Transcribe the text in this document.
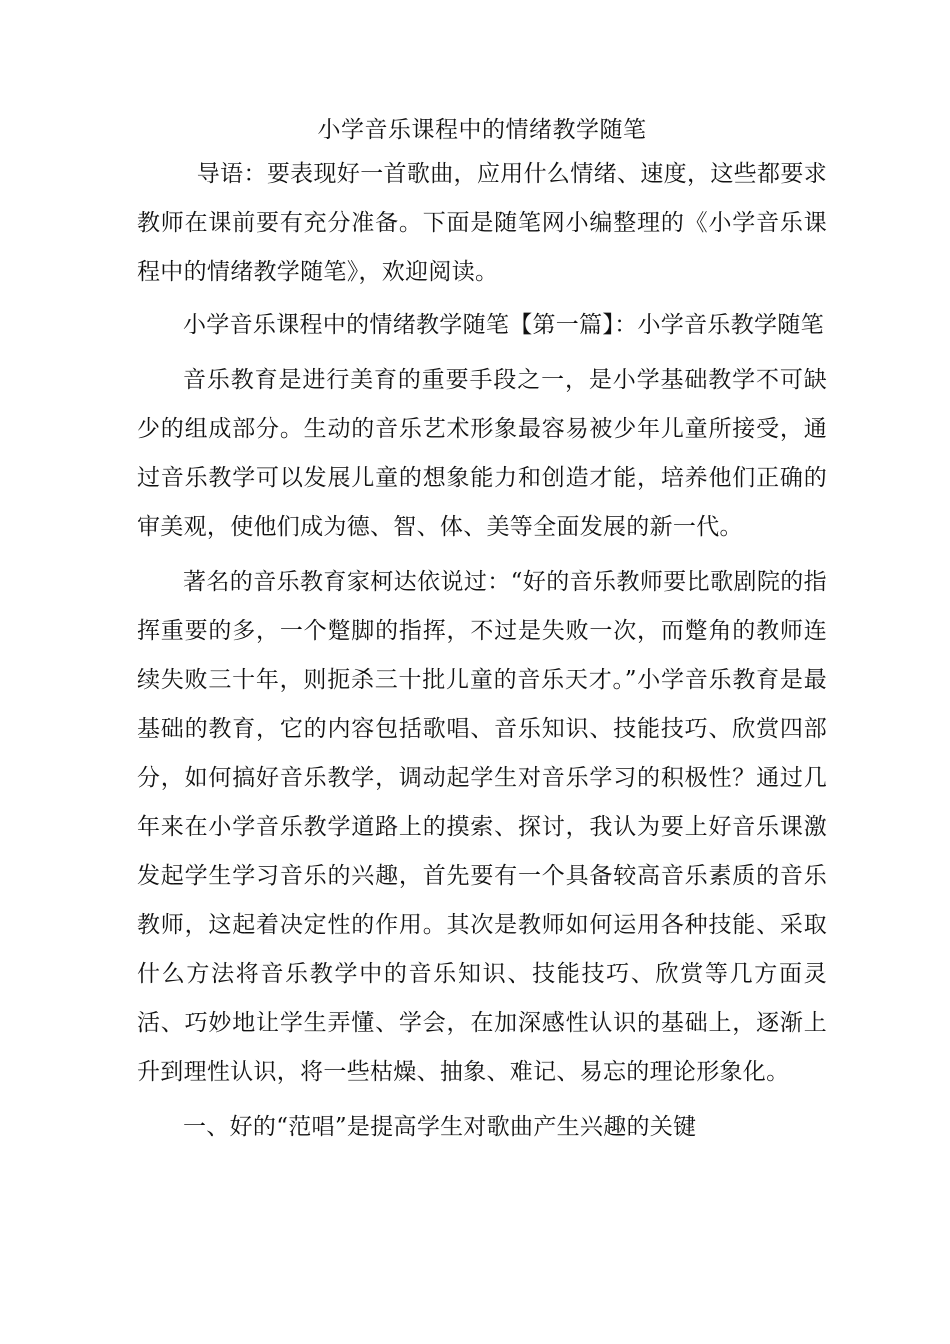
小学音乐课程中的情绪教学随笔

导语：要表现好一首歌曲，应用什么情绪、速度，这些都要求教师在课前要有充分准备。下面是随笔网小编整理的《小学音乐课程中的情绪教学随笔》，欢迎阅读。

小学音乐课程中的情绪教学随笔【第一篇】：小学音乐教学随笔

音乐教育是进行美育的重要手段之一，是小学基础教学不可缺少的组成部分。生动的音乐艺术形象最容易被少年儿童所接受，通过音乐教学可以发展儿童的想象能力和创造才能，培养他们正确的审美观，使他们成为德、智、体、美等全面发展的新一代。

著名的音乐教育家柯达依说过：“好的音乐教师要比歌剧院的指挥重要的多，一个蹩脚的指挥，不过是失败一次，而蹩角的教师连续失败三十年，则扼杀三十批儿童的音乐天才。”小学音乐教育是最基础的教育，它的内容包括歌唱、音乐知识、技能技巧、欣赏四部分，如何搞好音乐教学，调动起学生对音乐学习的积极性？通过几年来在小学音乐教学道路上的摸索、探讨，我认为要上好音乐课激发起学生学习音乐的兴趣，首先要有一个具备较高音乐素质的音乐教师，这起着决定性的作用。其次是教师如何运用各种技能、采取什么方法将音乐教学中的音乐知识、技能技巧、欣赏等几方面灵活、巧妙地让学生弄懂、学会，在加深感性认识的基础上，逐渐上升到理性认识，将一些枯燥、抽象、难记、易忘的理论形象化。

一、好的“范唱”是提高学生对歌曲产生兴趣的关键
